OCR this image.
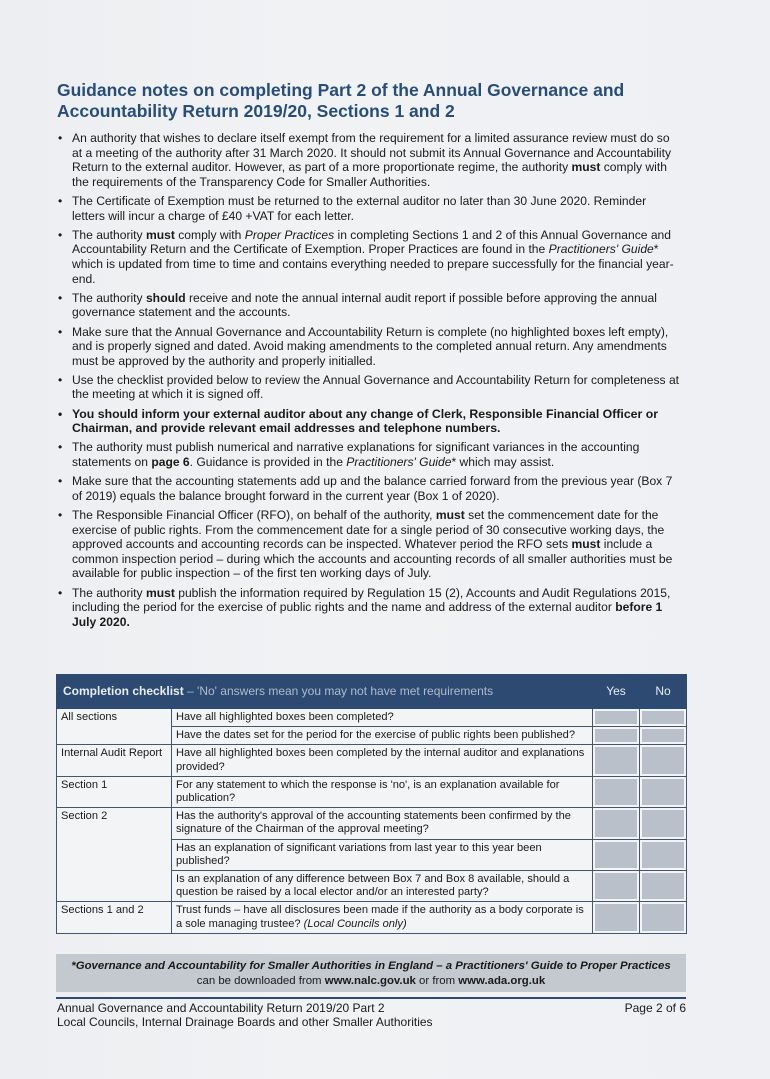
Guidance notes on completing Part 2 of the Annual Governance and Accountability Return 2019/20, Sections 1 and 2
• An authority that wishes to declare itself exempt from the requirement for a limited assurance review must do so at a meeting of the authority after 31 March 2020. It should not submit its Annual Governance and Accountability Return to the external auditor. However, as part of a more proportionate regime, the authority must comply with the requirements of the Transparency Code for Smaller Authorities.
• The Certificate of Exemption must be returned to the external auditor no later than 30 June 2020. Reminder letters will incur a charge of £40 +VAT for each letter.
• The authority must comply with Proper Practices in completing Sections 1 and 2 of this Annual Governance and Accountability Return and the Certificate of Exemption. Proper Practices are found in the Practitioners' Guide* which is updated from time to time and contains everything needed to prepare successfully for the financial year-end.
• The authority should receive and note the annual internal audit report if possible before approving the annual governance statement and the accounts.
• Make sure that the Annual Governance and Accountability Return is complete (no highlighted boxes left empty), and is properly signed and dated. Avoid making amendments to the completed annual return. Any amendments must be approved by the authority and properly initialled.
• Use the checklist provided below to review the Annual Governance and Accountability Return for completeness at the meeting at which it is signed off.
• You should inform your external auditor about any change of Clerk, Responsible Financial Officer or Chairman, and provide relevant email addresses and telephone numbers.
• The authority must publish numerical and narrative explanations for significant variances in the accounting statements on page 6. Guidance is provided in the Practitioners' Guide* which may assist.
• Make sure that the accounting statements add up and the balance carried forward from the previous year (Box 7 of 2019) equals the balance brought forward in the current year (Box 1 of 2020).
• The Responsible Financial Officer (RFO), on behalf of the authority, must set the commencement date for the exercise of public rights. From the commencement date for a single period of 30 consecutive working days, the approved accounts and accounting records can be inspected. Whatever period the RFO sets must include a common inspection period – during which the accounts and accounting records of all smaller authorities must be available for public inspection – of the first ten working days of July.
• The authority must publish the information required by Regulation 15 (2), Accounts and Audit Regulations 2015, including the period for the exercise of public rights and the name and address of the external auditor before 1 July 2020.
Completion checklist – 'No' answers mean you may not have met requirements		Yes	No
All sections	Have all highlighted boxes been completed?		
	Have the dates set for the period for the exercise of public rights been published?		
Internal Audit Report	Have all highlighted boxes been completed by the internal auditor and explanations provided?		
Section 1	For any statement to which the response is 'no', is an explanation available for publication?		
Section 2	Has the authority's approval of the accounting statements been confirmed by the signature of the Chairman of the approval meeting?		
	Has an explanation of significant variations from last year to this year been published?		
	Is an explanation of any difference between Box 7 and Box 8 available, should a question be raised by a local elector and/or an interested party?		
Sections 1 and 2	Trust funds – have all disclosures been made if the authority as a body corporate is a sole managing trustee? (Local Councils only)		
*Governance and Accountability for Smaller Authorities in England – a Practitioners' Guide to Proper Practices
can be downloaded from www.nalc.gov.uk or from www.ada.org.uk
Annual Governance and Accountability Return 2019/20 Part 2
Local Councils, Internal Drainage Boards and other Smaller Authorities
Page 2 of 6
